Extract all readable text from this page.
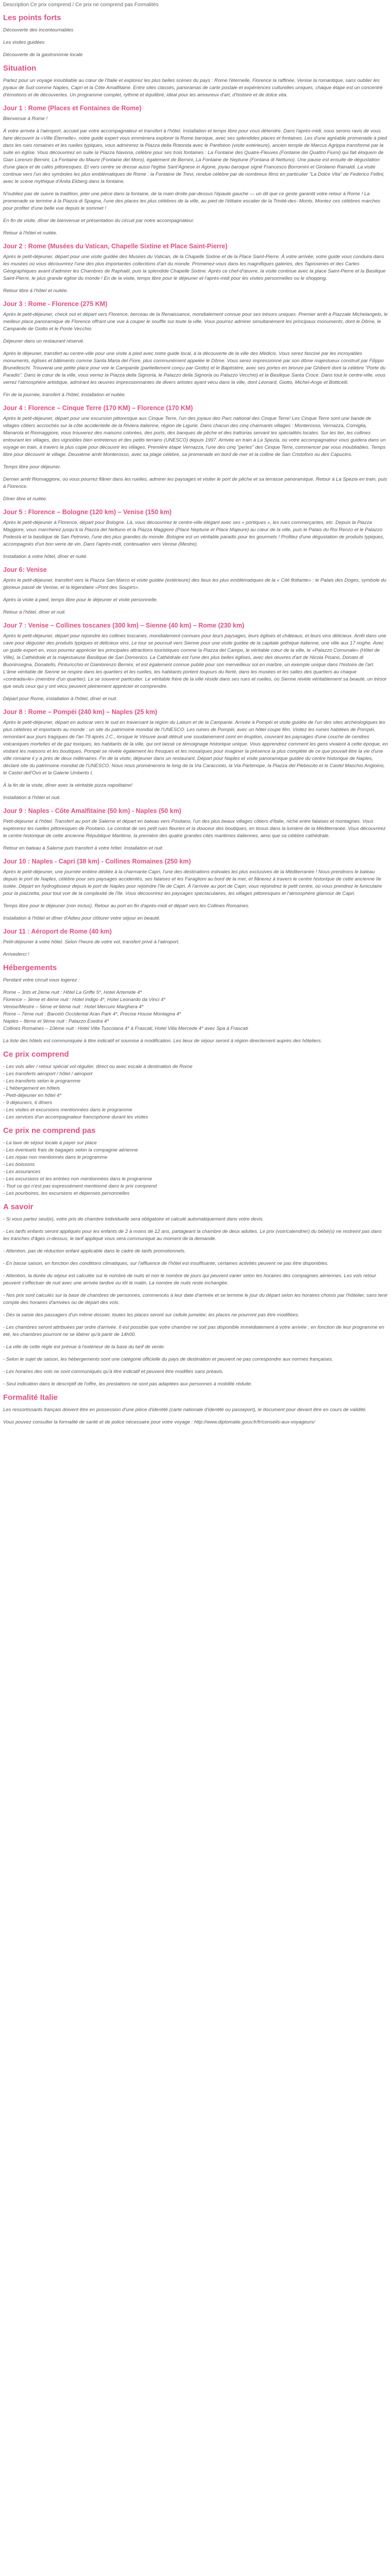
Description Ce prix comprend / Ce prix ne comprend pas Formalités
Les points forts

Découverte des incontournables

Les visites guidées

Découverte de la gastronomie locale

Situation

Partez pour un voyage inoubliable au cœur de l'Italie et explorez les plus belles scènes du pays : Rome l'éternelle, Florence la raffinée, Venise la romantique, sans oublier les joyaux de Sud comme Naples, Capri et la Côte Amalfitaine. Entre sites classés, panoramas de carte postale et expériences culturelles uniques, chaque étape est un concentré d'émotions et de découvertes. Un programme complet, rythmé et équilibré, idéal pour les amoureux d'art, d'histoire et de dolce vita.

Jour 1 : Rome (Places et Fontaines de Rome)

Bienvenue à Rome !

À votre arrivée à l'aéroport, accueil par votre accompagnateur et transfert à l'hôtel. Installation et temps libre pour vous détendre. Dans l'après-midi, nous serons ravis de vous faire découvrir la «Ville Éternelle», notre guide expert vous emmènera explorer la Rome baroque, avec ses splendides places et fontaines. Les d'une agréable promenade à pied dans les rues romaines et les ruelles typiques, vous admirerez la Piazza della Rotonda avec le Panthéon (visite extérieure), ancien temple de Marcus Agrippa transformé par la suite en église. Vous découvrirez en suite la Piazza Navona, célèbre pour ses trois fontaines : La Fontaine des Quatre-Fleuves (Fontaine dei Quattro Fiumi) qui fait éloquem de Gian Lorenzo Bernini, La Fontaine du Maure (Fontaine del Moro), également de Bernini, La Fontaine de Neptune (Fontana di Nettuno). Une pause est ensuite de dégustation d'une glace et de cafés pittoresques. Et vers centre se dresse aussi l'église Sant'Agnese in Agone, joyau baroque signé Francesco Borromini et Girolamo Rainaldi. La visite continue vers l'un des symboles les plus emblématiques de Rome : la Fontaine de Trevi, rendue célèbre par de nombreux films en particulier "La Dolce Vita" de Federico Fellini, avec le scène mythique d'Anita Ekberg dans la fontaine.

N'oubliez pas de suivre la tradition, jeter une pièce dans la fontaine, de la main droite par-dessus l'épaule gauche — un dit que ce geste garantit votre retour à Rome ! La promenade se termine à la Piazza di Spagna, l'une des places les plus célèbres de la ville, au pied de l'élitaire escalier de la Trinité-des- Monts. Montez ces célèbres marches pour profiter d'une belle vue depuis le sommet !

En fin de visite, dîner de bienvenue et présentation du circuit par notre accompagnateur.

Retour à l'hôtel et nuitée.

Jour 2 : Rome (Musées du Vatican, Chapelle Sixtine et Place Saint-Pierre)

Après le petit-déjeuner, départ pour une visite guidée des Musées du Vatican, de la Chapelle Sixtine et de la Place Saint-Pierre. À votre arrivée, votre guide vous conduira dans les musées où vous découvrirez l'une des plus importantes collections d'art du monde. Promenez-vous dans les magnifiques galeries, des Tapisseries et des Cartes Géographiques avant d'admirer les Chambres de Raphaël, puis la splendide Chapelle Sixtine. Après ce chef-d'œuvre, la visite continue avec la place Saint-Pierre et la Basilique Saint-Pierre, le plus grande église du monde ! En de la visite, temps libre pour le déjeuner et l'après-midi pour les visites personnelles ou le shopping.

Retour libre à l'hôtel et nuitée.

Jour 3 : Rome - Florence (275 KM)

Après le petit-déjeuner, check out et départ vers Florence, berceau de la Renaissance, mondialement connue pour ses trésors uniques. Premier arrêt à Piazzale Michelangelo, le meilleur place panoramique de Florence offrant une vue à couper le souffle sur toute la ville. Vous pourrez admirer simultanément les principaux monuments, dont le Dôme, le Campanile de Giotto et le Ponte Vecchio.

Déjeuner dans un restaurant réservé.

Après le déjeuner, transfert au centre-ville pour une visite à pied avec notre guide local, à la découverte de la ville des Médicis. Vous serez fasciné par les incroyables monuments, églises et bâtiments comme Santa Maria del Fiore, plus communément appelée le Dôme. Vous serez impressionné par son dôme majestueux construit par Filippo Brunelleschi. Trouverai une petite place pour voir le Campanile (partiellement conçu par Giotto) et le Baptistère, avec ses portes en bronze par Ghiberti dont la célèbre "Porte du Paradis". Dans le cœur de la ville, vous verrez la Piazza della Signoria, le Palazzo della Signoria ou Palazzo Vecchio) et la Basilique Santa Croce. Dans tout le centre-ville, vous verrez l'atmosphère artistique, admirant les œuvres impressionnantes de divers artistes ayant vécu dans la ville, dont Léonard, Giotto, Michel-Ange et Botticelli.

Fin de la journée, transfert à l'hôtel, installation et nuitée.

Jour 4 : Florence – Cinque Terre (170 KM) – Florence (170 KM)

Après le petit-déjeuner, départ pour une excursion pittoresque aux Cinque Terre, l'un des joyaux des Parc national des Cinque Terre! Les Cinque Terre sont une bande de villages côtiers accrochés sur la côte accidentelle de la Riviera italienne, région de Ligurie. Dans chacun des cinq charmants villages : Monterosso, Vernazza, Corniglia, Manarola et Riomaggiore, vous trouverez des maisons colorées, des ports, des banques de pêche et des trattorias servant les spécialités locales. Sur les tier, les collines entourant les villages, des vignobles bien entretenus et des petits terrains (UNESCO) depuis 1997. Arrivée en train à La Spezia, où votre accompagnateur vous guidera dans un voyage en train, à travers la plus copie pour découvrir les villages. Première étape Vernazza, l'une des cinq "perles" des Cinque Terre, commencer par vous inoubliables. Temps libre pour découvrir le village. Deuxième arrêt Monterosso, avec sa plage célèbre, sa promenade en bord de mer et la colline de San Cristoforo ou des Capucins.

Temps libre pour déjeuner.

Dernier arrêt Riomaggiore, où vous pourrez flâner dans les ruelles, admirer les paysages et visiter le port de pêche et sa terrasse panoramique. Retour à La Spezia en train, puis à Florence.

Dîner libre et nuitée.

Jour 5 : Florence – Bologne (120 km) – Venise (150 km)

Après le petit-déjeuner à Florence, départ pour Bologne. Là, vous découvrirez le centre-ville élégant avec ses « portiques », les rues commerçantes, etc. Depuis la Piazza Maggiore, vous marcherez jusqu'à la Piazza del Nettuno et la Piazza Maggiore (Place Neptune et Place Majeure) au cœur de la ville, puis le Palais du Roi Renzo et le Palazzo Podestà et la basilique de San Petronio, l'une des plus grandes du monde. Bologne est un véritable paradis pour les gourmets ! Profitez d'une dégustation de produits typiques, accompagnés d'un bon verre de vin. Dans l'après-midi, continuation vers Venise (Mestre).

Installation à votre hôtel, dîner et nuité.

Jour 6: Venise

Après le petit-déjeuner, transfert vers la Piazza San Marco et visite guidée (extérieure) des lieux les plus emblématiques de la « Cité flottante» : le Palais des Doges, symbole du glorieux passé de Venise, et la légendaire «Pont des Soupirs».

Après la visite à pied, temps libre pour le déjeuner et visite personnelle.

Retour à l'hôtel, dîner et nuit.

Jour 7 : Venise – Collines toscanes (300 km) – Sienne (40 km) – Rome (230 km)

Après le petit-déjeuner, départ pour rejoindre les collines toscanes, mondialement connues pour leurs paysages, leurs églises et châteaux, et leurs vins délicieux. Arrêt dans une cave pour déguster des produits typiques et délicieux vins. Le tour se poursuit vers Sienne pour une visite guidée de la capitale gothique italienne, une ville aux 17 rioghe. Avec un guide expert en, vous pourrez apprécier les principales attractions touristiques comme la Piazza del Campo, le véritable cœur de la ville, le «Palazzo Comunale» (Hôtel de Ville), la Cathédrale et la majestueuse Basilique de San Domenico. La Cathédrale est l'une des plus belles églises, avec des œuvres d'art de Nicola Pisano, Donato di Buoninsegna, Donatello, Pinturicchio et Gianlorenzo Bernini, et est également connue publié pour son merveilleux sol en marbre, un exemple unique dans l'histoire de l'art. L'âme véritable de Sienne se respire dans les quartiers et les ruelles, les habitants portent toujours du fierté, dans les musées et les salles des quartiers au chaque «contrada»le» (membre d'un quartier). Le se souvenir particulier. Le véritable frère de la ville réside dans ses rues et ruelles, où Sienne révèle véritablement sa beauté, un trésor que seuls ceux qui y ont vécu peuvent pleinement apprécier et comprendre.

Départ pour Rome, installation à l'hôtel, dîner et nuit.

Jour 8 : Rome – Pompéi (240 km) – Naples (25 km)

Après le petit-déjeuner, départ en autocar vers le sud en traversant la région du Latium et de la Campanie. Arrivée à Pompéi et visite guidée de l'un des sites archéologiques les plus célèbres et importants au monde : un site du patrimoine mondial de l'UNESCO. Les ruines de Pompéi, avec un hôtel coupe film. Visitez les ruines habitées de Pompéi, remontant aux jours tragiques de l'an 79 après J.C., lorsque le Vésuve avait détruit une soudainement ceint en éruption, couvrant les paysages d'une couche de cendres volcaniques mortelles et de gaz toxiques, les habitants de la ville, qui ont laissé ce témoignage historique unique. Vous apprendrez comment les gens vivaient à cette époque, en visitant les maisons et les boutiques. Pompéi se révèle également les fresques et les mosaïques pour imaginer la présence la plus complète de ce que pouvait être la vie d'une ville romaine il y a près de deux millénaires. Fin de la visite, déjeuner dans un restaurant. Départ pour Naples et visite panoramique guidée du centre historique de Naples, déclaré site du patrimoine mondial de l'UNESCO. Nous nous promènerons le long de la Via Caracciolo, la Via Partenope, la Piazza del Plebiscito et le Castel Maschio Angioino, le Castel dell'Ovo et la Galerie Umberto I.

À la fin de la visite, dîner avec la véritable pizza napolitaine!

Installation à l'hôtel et nuit.

Jour 9 : Naples - Côte Amalfitaine (50 km) - Naples (50 km)

Petit-déjeuner à l'hôtel. Transfert au port de Salerne et départ en bateau vers Positano, l'un des plus beaux villages côtiers d'Italie, niché entre falaises et montagnes. Vous explorerez les ruelles pittoresques de Positano. Le combat de ses petit rues fleuries et la douceur des boutiques, en tissus dans la lumière de la Méditerranée. Vous découvrirez le centre historique de cette ancienne République Maritime, la première des quatre grandes cités maritimes italiennes, ainsi que sa célèbre cathédrale.

Retour en bateau à Salerne puis transfert à votre hôtel. Installation et nuit.

Jour 10 : Naples - Capri (38 km) - Collines Romaines (250 km)

Après le petit-déjeuner, une journée entière dédiée à la charmante Capri, l'une des destinations estivales les plus exclusives de la Méditerranée ! Nous prendrons le bateau depuis le port de Naples, célèbre pour ses paysages accidentés, ses falaises et les Faraglioni au bord de la mer, et flânerez à travers le centre historique de cette ancienne île isolée. Départ en hydroglisseur depuis le port de Naples pour rejoindre l'île de Capri. À l'arrivée au port de Capri, vous rejoindrez le petit centre, où vous prendrez le funiculaire pour la piazzetta, pour tout voir de la complexité de l'île. Vous découvrirez les paysages spectaculaires, les villages pittoresques et l'atmosphère glamour de Capri.

Temps libre pour le déjeuner (non inclus). Retour au port en fin d'après-midi et départ vers les Collines Romaines.

Installation à l'hôtel et dîner d'Adieu pour clôturer votre séjour en beauté.

Jour 11 : Aéroport de Rome (40 km)

Petit-déjeuner à votre hôtel. Selon l'heure de votre vol, transfert privé à l'aéroport.

Arrivederci !

Hébergements

Pendant votre circuit vous logerez :

Rome – 3nts et 2ème nuit : Hôtel La Griffe 5*, Hotel Artemide 4*
Florence – 3ème et 4ème nuit : Hotel Indigo 4*, Hotel Leonardo da Vinci 4*
Venise/Mestre – 5ème et 6ème nuit : Hotel Mercure Marghera 4*
Rome – 7ème nuit : Barceló Occidental Aran Park 4*, Precise House Montagna 4*
Naples – 8ème et 9ème nuit : Palazzo Esedra 4*
Collines Romaines – 10ème nuit : Hotel Villa Tuscolana 4* à Frascati, Hotel Villa Mercede 4* avec Spa à Frascati

La liste des hôtels est communiquée à titre indicatif et soumise à modification. Les lieux de séjour seront à région directement auprès des hôteliers.

Ce prix comprend
- Les vols aller / retour spécial vol régulier, direct ou avec escale à destination de Rome
- Les transferts aéroport / hôtel / aéroport
- Les transferts selon le programme
- L'hébergement en hôtels
- Petit-déjeuner en hôtel 4*
- 9 déjeuners, 6 dîners
- Les visites et excursions mentionnées dans le programme
- Les services d'un accompagnateur francophone durant les visites
Ce prix ne comprend pas
- La taxe de séjour locale à payer sur place
- Les éventuels frais de bagages selon la compagnie aérienne
- Les repas non mentionnés dans le programme
- Les boissons
- Les assurances
- Les excursions et les entrées non mentionnées dans le programme
- Tout ce qui n'est pas expressément mentionné dans le prix comprend
- Les pourboires, les excursions et dépenses personnelles
A savoir

- Si vous partez seul(e), votre prix de chambre individuelle sera obligatoire et calculé automatiquement dans votre devis.

- Les tarifs enfants seront appliqués pour les enfants de 2 à moins de 12 ans, partageant la chambre de deux adultes. Le prix (voir/calendrier) du bébé(s) ne restreint pas dans les tranches d'âges ci-dessus, le tarif appliqué vous sera communiqué au moment de la demande.

- Attention, pas de réduction enfant applicable dans le cadre de tarifs promotionnels.

- En basse saison, en fonction des conditions climatiques, sur l'affluence de l'hôtel est insuffisante, certaines activités peuvent ne pas être disponibles.

- Attention, la durée du séjour est calculée sur le nombre de nuits et non le nombre de jours qui peuvent varier selon les horaires des compagnies aériennes. Les vols retour peuvent s'effectuer de nuit avec une arrivée tardive ou tôt le matin. La nombre de nuits reste inchangée.

- Nos prix sont calculés sur la base de chambres de personnes, commencés à leur date d'arrivée et se termine le jour du départ selon les horaires choisis par l'hôtelier, sans tenir compte des horaires d'arrivées ou de départ des vols.

- Dès la saisie des passagers d'un même dossier, toutes les places seront sur cellule jumelée; les places ne pourront pas être modifiées.

- Les chambres seront attribuées par ordre d'arrivée. Il est possible que votre chambre ne soit pas disponible immédiatement à votre arrivée ; en fonction de leur programme en été, les chambres pourront ne se libérer qu'à partir de 14h00.

- La ville de cette règle est prévue à l'extérieur de la base du tarif de vente.

- Selon le sujet de saison, les hébergements sont une catégorie officielle du pays de destination et peuvent ne pas correspondre aux normes françaises.

- Les horaires des vols ne sont communiqués qu'à titre indicatif et peuvent être modifiés sans préavis.

- Seul indication dans le descriptif de l'offre, les prestations ne sont pas adaptées aux personnes à mobilité réduite.

Formalité Italie

Les ressortissants français doivent être en possession d'une pièce d'identité (carte nationale d'identité ou passeport), le document pour devant être en cours de validité.

Vous pouvez consulter la formalité de santé et de police nécessaire pour votre voyage : http://www.diplomatie.gouv.fr/fr/conseils-aux-voyageurs/
